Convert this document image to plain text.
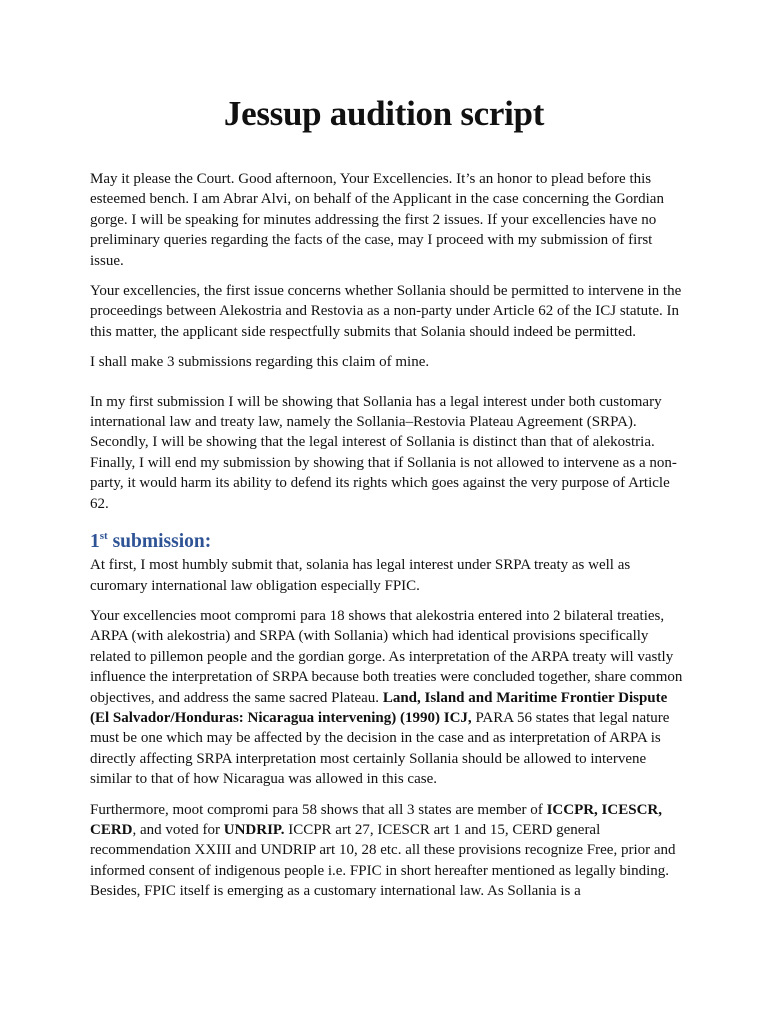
Jessup audition script

May it please the Court. Good afternoon, Your Excellencies. It’s an honor to plead before this esteemed bench. I am Abrar Alvi, on behalf of the Applicant in the case concerning the Gordian gorge. I will be speaking for minutes addressing the first 2 issues. If your excellencies have no preliminary queries regarding the facts of the case, may I proceed with my submission of first issue.

Your excellencies, the first issue concerns whether Sollania should be permitted to intervene in the proceedings between Alekostria and Restovia as a non-party under Article 62 of the ICJ statute. In this matter, the applicant side respectfully submits that Solania should indeed be permitted.

I shall make 3 submissions regarding this claim of mine.

In my first submission I will be showing that Sollania has a legal interest under both customary international law and treaty law, namely the Sollania–Restovia Plateau Agreement (SRPA). Secondly, I will be showing that the legal interest of Sollania is distinct than that of alekostria. Finally, I will end my submission by showing that if Sollania is not allowed to intervene as a non-party, it would harm its ability to defend its rights which goes against the very purpose of Article 62.

1st submission:

At first, I most humbly submit that, solania has legal interest under SRPA treaty as well as curomary international law obligation especially FPIC.

Your excellencies moot compromi para 18 shows that alekostria entered into 2 bilateral treaties, ARPA (with alekostria) and SRPA (with Sollania) which had identical provisions specifically related to pillemon people and the gordian gorge. As interpretation of the ARPA treaty will vastly influence the interpretation of SRPA because both treaties were concluded together, share common objectives, and address the same sacred Plateau. Land, Island and Maritime Frontier Dispute (El Salvador/Honduras: Nicaragua intervening) (1990) ICJ, PARA 56 states that legal nature must be one which may be affected by the decision in the case and as interpretation of ARPA is directly affecting SRPA interpretation most certainly Sollania should be allowed to intervene similar to that of how Nicaragua was allowed in this case.

Furthermore, moot compromi para 58 shows that all 3 states are member of ICCPR, ICESCR, CERD, and voted for UNDRIP. ICCPR art 27, ICESCR art 1 and 15, CERD general recommendation XXIII and UNDRIP art 10, 28 etc. all these provisions recognize Free, prior and informed consent of indigenous people i.e. FPIC in short hereafter mentioned as legally binding. Besides, FPIC itself is emerging as a customary international law. As Sollania is a
